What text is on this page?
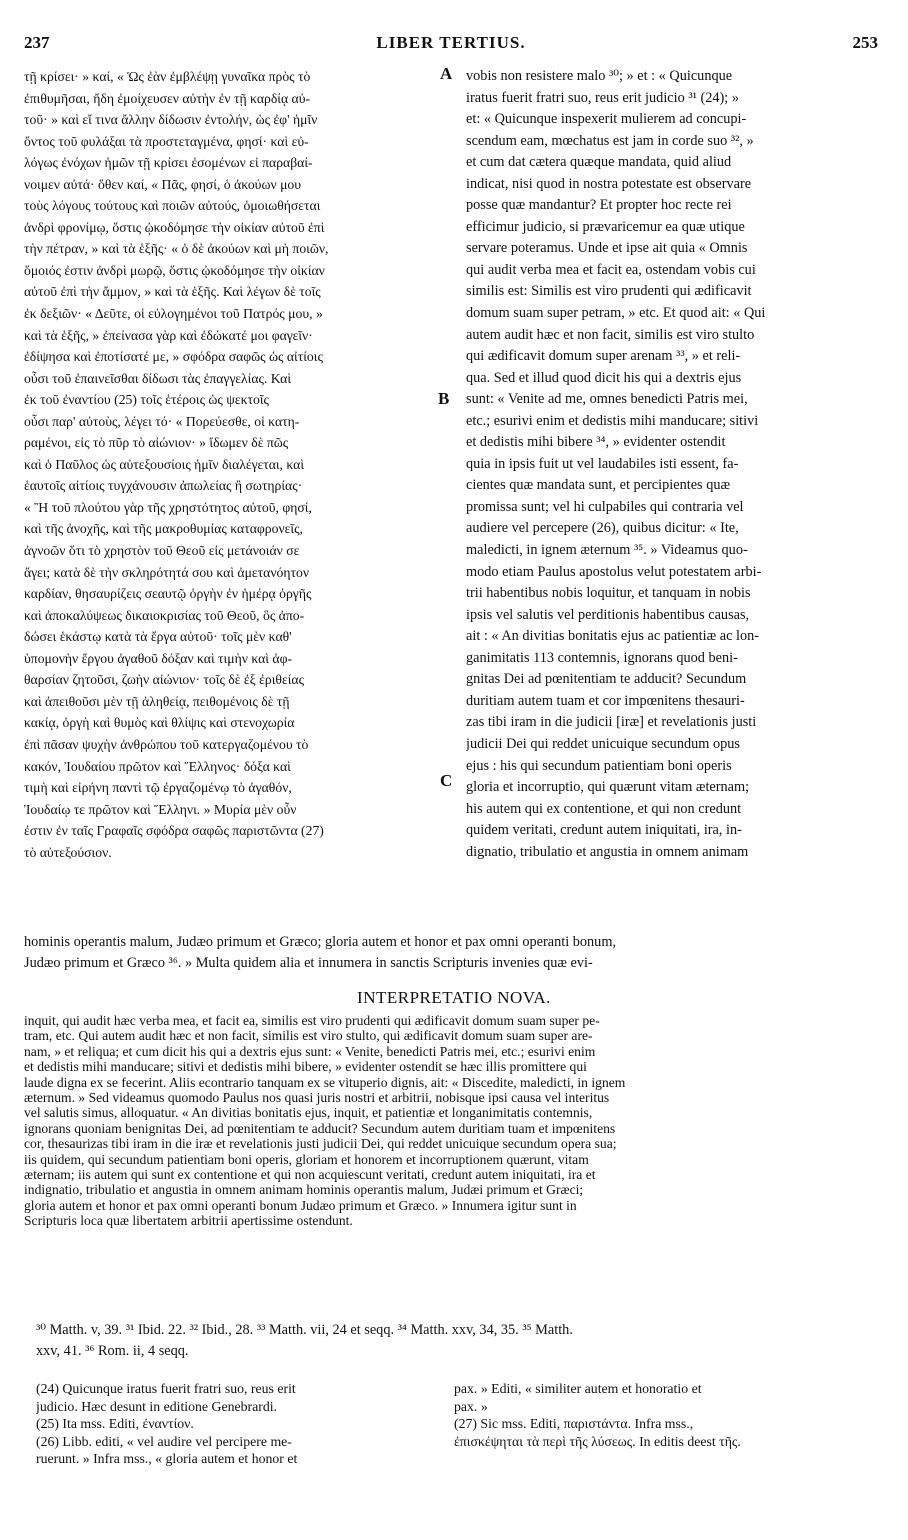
237	LIBER TERTIUS.	253
τῇ κρίσει· » καί, « Ὡς ἐὰν ἐμβλέψῃ γυναῖκα πρὸς τὸ
ἐπιθυμῆσαι, ἤδη ἐμοίχευσεν αὐτὴν ἐν τῇ καρδίᾳ αὐ-
τοῦ· » καὶ εἴ τινα ἄλλην δίδωσιν ἐντολήν, ὡς ἐφ' ἡμῖν
ὄντος τοῦ φυλάξαι τὰ προστεταγμένα, φησί· καὶ εὐ-
λόγως ἐνόχων ἡμῶν τῇ κρίσει ἐσομένων εἰ παραβαί-
νοιμεν αὐτά· ὅθεν καί, « Πᾶς, φησί, ὁ ἀκούων μου
τοὺς λόγους τούτους καὶ ποιῶν αὐτούς, ὁμοιωθήσεται
ἀνδρὶ φρονίμῳ, ὅστις ᾠκοδόμησε τὴν οἰκίαν αὐτοῦ ἐπὶ
τὴν πέτραν, » καὶ τὰ ἑξῆς· « ὁ δὲ ἀκούων καὶ μὴ ποιῶν,
ὅμοιός ἐστιν ἀνδρὶ μωρῷ, ὅστις ᾠκοδόμησε τὴν οἰκίαν
αὐτοῦ ἐπὶ τὴν ἄμμον, » καὶ τὰ ἑξῆς. Καὶ λέγων δὲ τοῖς
ἐκ δεξιῶν· « Δεῦτε, οἱ εὐλογημένοι τοῦ Πατρός μου, »
καὶ τὰ ἑξῆς, » ἐπείνασα γὰρ καὶ ἐδώκατέ μοι φαγεῖν·
ἐδίψησα καὶ ἐποτίσατέ με, » σφόδρα σαφῶς ὡς αἰτίοις
οὖσι τοῦ ἐπαινεῖσθαι δίδωσι τὰς ἐπαγγελίας. Καὶ
ἐκ τοῦ ἐναντίου (25) τοῖς ἑτέροις ὡς ψεκτοῖς
οὖσι παρ' αὐτοὺς, λέγει τό· « Πορεύεσθε, οἱ κατη-
ραμένοι, εἰς τὸ πῦρ τὸ αἰώνιον· » ἴδωμεν δὲ πῶς
καὶ ὁ Παῦλος ὡς αὐτεξουσίοις ἡμῖν διαλέγεται, καὶ
ἑαυτοῖς αἰτίοις τυγχάνουσιν ἀπωλείας ἢ σωτηρίας·
« Ἢ τοῦ πλούτου γὰρ τῆς χρηστότητος αὐτοῦ, φησί,
καὶ τῆς ἀνοχῆς, καὶ τῆς μακροθυμίας καταφρονεῖς,
ἀγνοῶν ὅτι τὸ χρηστὸν τοῦ Θεοῦ εἰς μετάνοιάν σε
ἄγει; κατὰ δὲ τὴν σκληρότητά σου καὶ ἀμετανόητον
καρδίαν, θησαυρίζεις σεαυτῷ ὀργὴν ἐν ἡμέρᾳ ὀργῆς
καὶ ἀποκαλύψεως δικαιοκρισίας τοῦ Θεοῦ, ὃς ἀπο-
δώσει ἑκάστῳ κατὰ τὰ ἔργα αὐτοῦ· τοῖς μὲν καθ'
ὑπομονὴν ἔργου ἀγαθοῦ δόξαν καὶ τιμὴν καὶ ἀφ-
θαρσίαν ζητοῦσι, ζωὴν αἰώνιον· τοῖς δὲ ἐξ ἐριθείας
καὶ ἀπειθοῦσι μὲν τῇ ἀληθείᾳ, πειθομένοις δὲ τῇ
κακίᾳ, ὀργὴ καὶ θυμὸς καὶ θλίψις καὶ στενοχωρία
ἐπὶ πᾶσαν ψυχὴν ἀνθρώπου τοῦ κατεργαζομένου τὸ
κακόν, Ἰουδαίου πρῶτον καὶ Ἕλληνος· δόξα καὶ
τιμὴ καὶ εἰρήνη παντὶ τῷ ἐργαζομένῳ τὸ ἀγαθόν,
Ἰουδαίῳ τε πρῶτον καὶ Ἕλληνι. » Μυρία μὲν οὖν
ἐστιν ἐν ταῖς Γραφαῖς σφόδρα σαφῶς παριστῶντα (27)
τὸ αὐτεξούσιον.
vobis non resistere malo ³⁰; » et : « Quicunque
iratus fuerit fratri suo, reus erit judicio ³¹ (24); »
et: « Quicunque inspexerit mulierem ad concupi-
scendum eam, mœchatus est jam in corde suo ³², »
et cum dat cætera quæque mandata, quid aliud
indicat, nisi quod in nostra potestate est observare
posse quæ mandantur? Et propter hoc recte rei
efficimur judicio, si prævaricemur ea quæ utique
servare poteramus. Unde et ipse ait quia « Omnis
qui audit verba mea et facit ea, ostendam vobis cui
similis est: Similis est viro prudenti qui ædificavit
domum suam super petram, » etc. Et quod ait: « Qui
autem audit hæc et non facit, similis est viro stulto
qui ædificavit domum super arenam ³³, » et reli-
qua. Sed et illud quod dicit his qui a dextris ejus
sunt: « Venite ad me, omnes benedicti Patris mei,
etc.; esurivi enim et dedistis mihi manducare; sitivi
et dedistis mihi bibere ³⁴, » evidenter ostendit
quia in ipsis fuit ut vel laudabiles isti essent, fa-
cientes quæ mandata sunt, et percipientes quæ
promissa sunt; vel hi culpabiles qui contraria vel
audiere vel percepere (26), quibus dicitur: « Ite,
maledicti, in ignem æternum ³⁵. » Videamus quo-
modo etiam Paulus apostolus velut potestatem arbi-
trii habentibus nobis loquitur, et tanquam in nobis
ipsis vel salutis vel perditionis habentibus causas,
ait : « An divitias bonitatis ejus ac patientiæ ac lon-
ganimitatis 113 contemnis, ignorans quod beni-
gnitas Dei ad pœnitentiam te adducit? Secundum
duritiam autem tuam et cor impœnitens thesauri-
zas tibi iram in die judicii [iræ] et revelationis justi
judicii Dei qui reddet unicuique secundum opus
ejus : his qui secundum patientiam boni operis
gloria et incorruptio, qui quærunt vitam æternam;
his autem qui ex contentione, et qui non credunt
quidem veritati, credunt autem iniquitati, ira, in-
dignatio, tribulatio et angustia in omnem animam
A
B
C
hominis operantis malum, Judæo primum et Græco; gloria autem et honor et pax omni operanti bonum,
Judæo primum et Græco ³⁶. » Multa quidem alia et innumera in sanctis Scripturis invenies quæ evi-
INTERPRETATIO NOVA.
inquit, qui audit hæc verba mea, et facit ea, similis est viro prudenti qui ædificavit domum suam super pe-
tram, etc. Qui autem audit hæc et non facit, similis est viro stulto, qui ædificavit domum suam super are-
nam, » et reliqua; et cum dicit his qui a dextris ejus sunt: « Venite, benedicti Patris mei, etc.; esurivi enim
et dedistis mihi manducare; sitivi et dedistis mihi bibere, » evidenter ostendit se hæc illis promittere qui
laude digna ex se fecerint. Aliis econtrario tanquam ex se vituperio dignis, ait: « Discedite, maledicti, in ignem
æternum. » Sed videamus quomodo Paulus nos quasi juris nostri et arbitrii, nobisque ipsi causa vel interitus
vel salutis simus, alloquatur. « An divitias bonitatis ejus, inquit, et patientiæ et longanimitatis contemnis,
ignorans quoniam benignitas Dei, ad pœnitentiam te adducit? Secundum autem duritiam tuam et impœnitens
cor, thesaurizas tibi iram in die iræ et revelationis justi judicii Dei, qui reddet unicuique secundum opera sua;
iis quidem, qui secundum patientiam boni operis, gloriam et honorem et incorruptionem quærunt, vitam
æternam; iis autem qui sunt ex contentione et qui non acquiescunt veritati, credunt autem iniquitati, ira et
indignatio, tribulatio et angustia in omnem animam hominis operantis malum, Judæi primum et Græci;
gloria autem et honor et pax omni operanti bonum Judæo primum et Græco. » Innumera igitur sunt in
Scripturis loca quæ libertatem arbitrii apertissime ostendunt.
³⁰ Matth. v, 39. ³¹ Ibid. 22. ³² Ibid., 28. ³³ Matth. vii, 24 et seqq. ³⁴ Matth. xxv, 34, 35. ³⁵ Matth.
xxv, 41. ³⁶ Rom. ii, 4 seqq.
(24) Quicunque iratus fuerit fratri suo, reus erit
judicio. Hæc desunt in editione Genebrardi.
(25) Ita mss. Editi, ἐναντίον.
(26) Libb. editi, « vel audire vel percipere me-
ruerunt. » Infra mss., « gloria autem et honor et
pax. » Editi, « similiter autem et honoratio et
pax. »
(27) Sic mss. Editi, παριστάντα. Infra mss.,
ἐπισκέψηται τὰ περὶ τῆς λύσεως. In editis deest τῆς.
